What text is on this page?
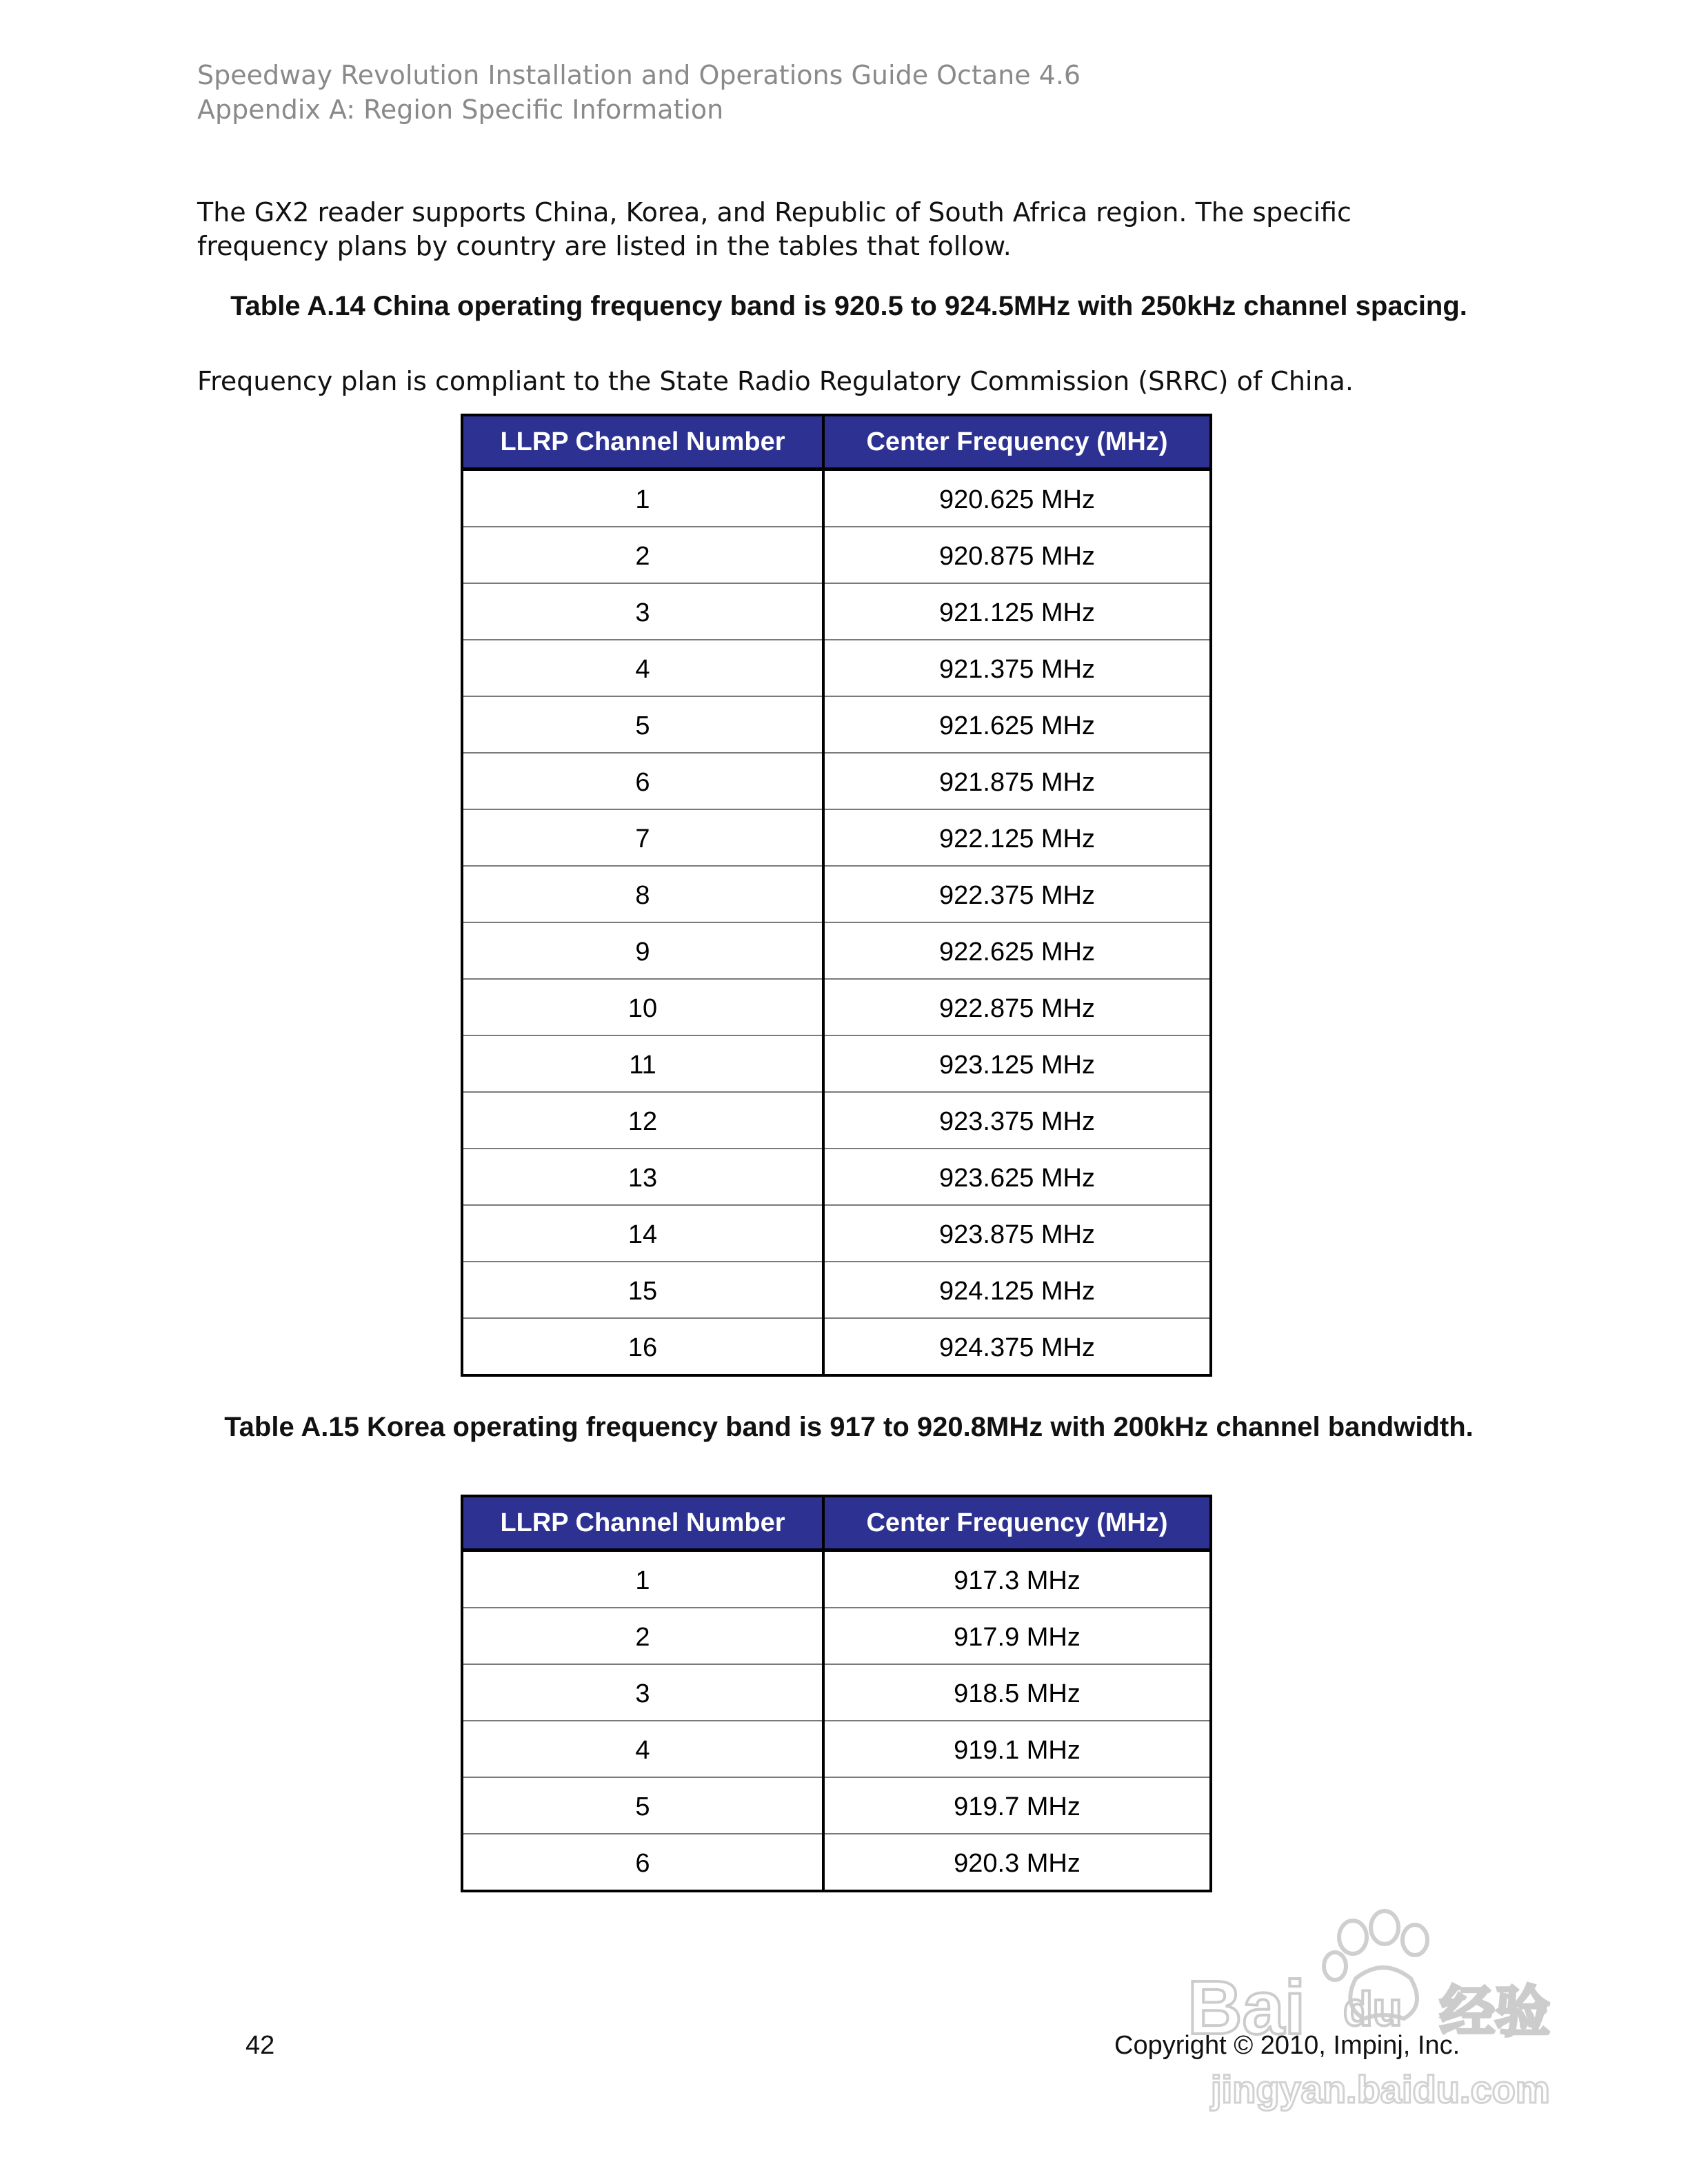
Speedway Revolution Installation and Operations Guide Octane 4.6
Appendix A: Region Specific Information
The GX2 reader supports China, Korea, and Republic of South Africa region. The specific frequency plans by country are listed in the tables that follow.
Table A.14 China operating frequency band is 920.5 to 924.5MHz with 250kHz channel spacing.
Frequency plan is compliant to the State Radio Regulatory Commission (SRRC) of China.
LLRP Channel Number	Center Frequency (MHz)
1	920.625 MHz
2	920.875 MHz
3	921.125 MHz
4	921.375 MHz
5	921.625 MHz
6	921.875 MHz
7	922.125 MHz
8	922.375 MHz
9	922.625 MHz
10	922.875 MHz
11	923.125 MHz
12	923.375 MHz
13	923.625 MHz
14	923.875 MHz
15	924.125 MHz
16	924.375 MHz
Table A.15 Korea operating frequency band is 917 to 920.8MHz with 200kHz channel bandwidth.
LLRP Channel Number	Center Frequency (MHz)
1	917.3 MHz
2	917.9 MHz
3	918.5 MHz
4	919.1 MHz
5	919.7 MHz
6	920.3 MHz
42	Copyright © 2010, Impinj, Inc.
Bai du 经验
jingyan.baidu.com
